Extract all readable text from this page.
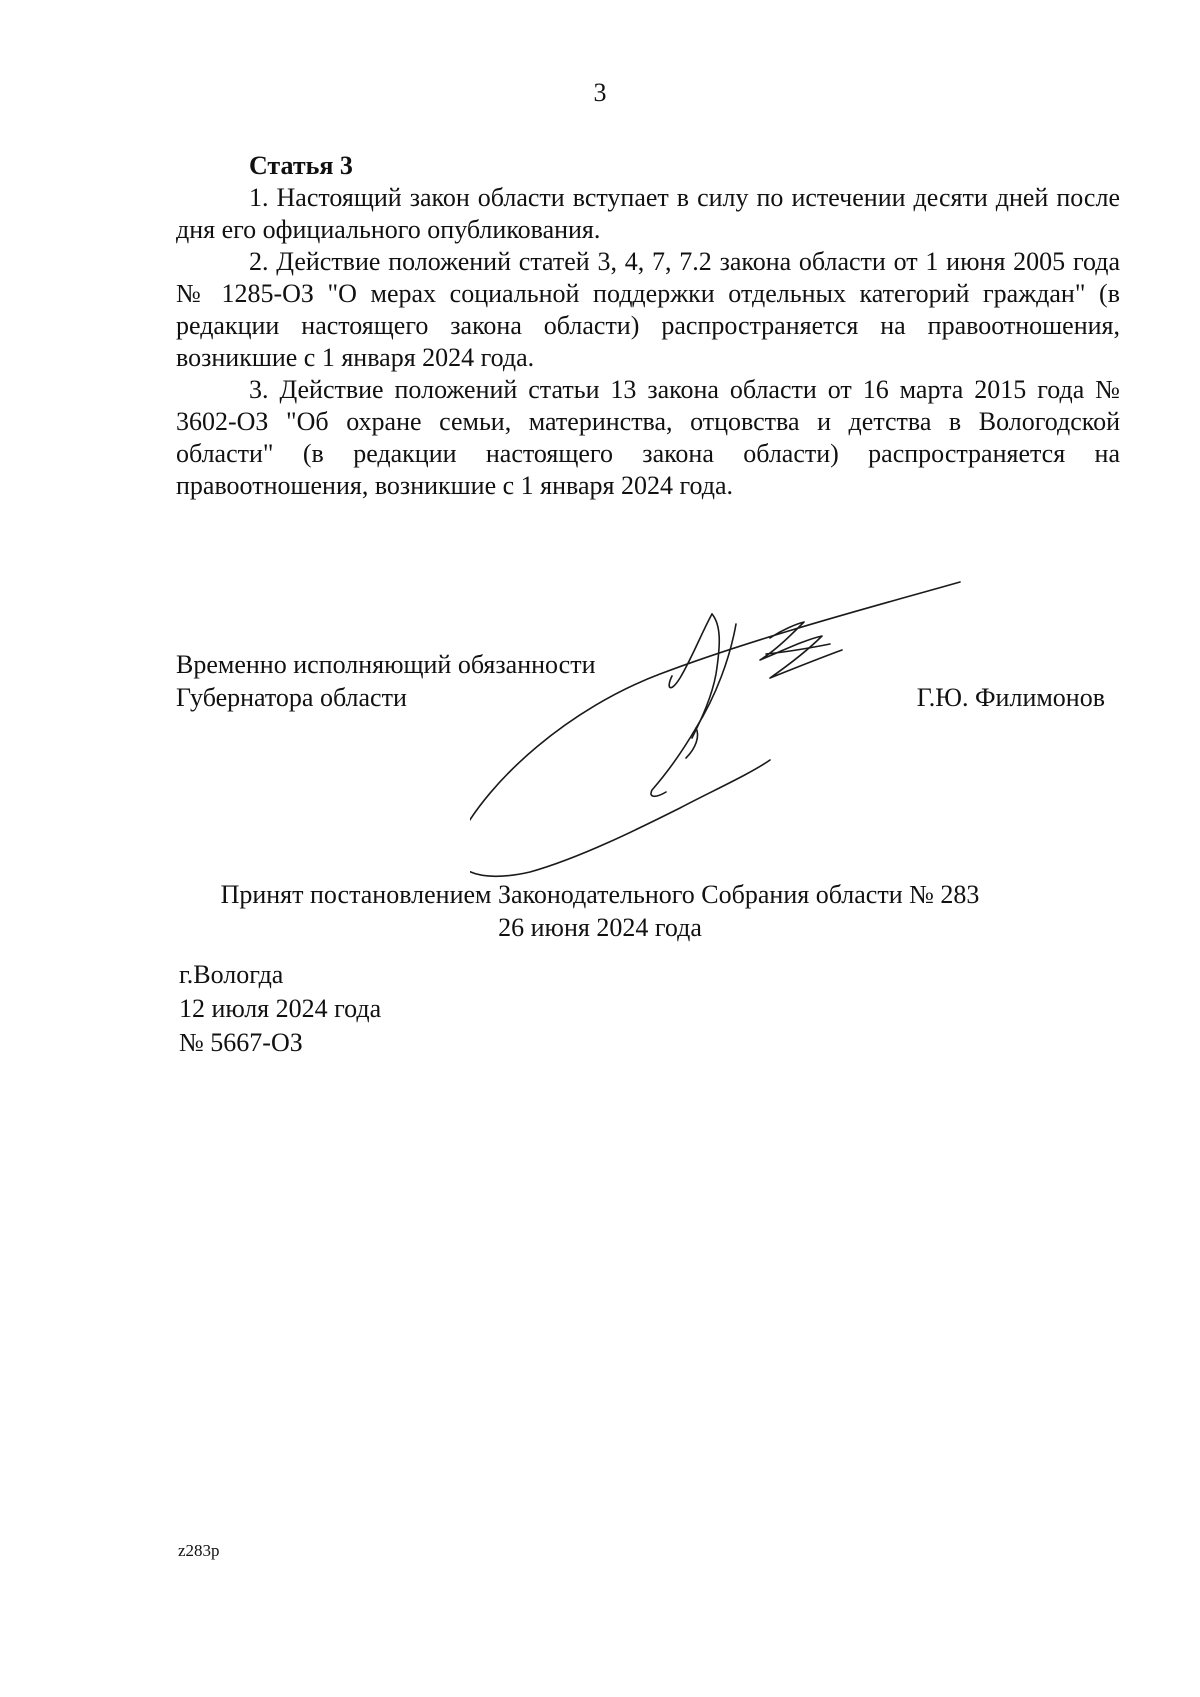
3

Статья 3

1. Настоящий закон области вступает в силу по истечении десяти дней после дня его официального опубликования.

2. Действие положений статей 3, 4, 7, 7.2 закона области от 1 июня 2005 года № 1285-ОЗ "О мерах социальной поддержки отдельных категорий граждан" (в редакции настоящего закона области) распространяется на правоотношения, возникшие с 1 января 2024 года.

3. Действие положений статьи 13 закона области от 16 марта 2015 года № 3602-ОЗ "Об охране семьи, материнства, отцовства и детства в Вологодской области" (в редакции настоящего закона области) распространяется на правоотношения, возникшие с 1 января 2024 года.

Временно исполняющий обязанности
Губернатора области	Г.Ю. Филимонов
Принят постановлением Законодательного Собрания области № 283
26 июня 2024 года
г.Вологда
12 июля 2024 года
№ 5667-ОЗ
z283p
